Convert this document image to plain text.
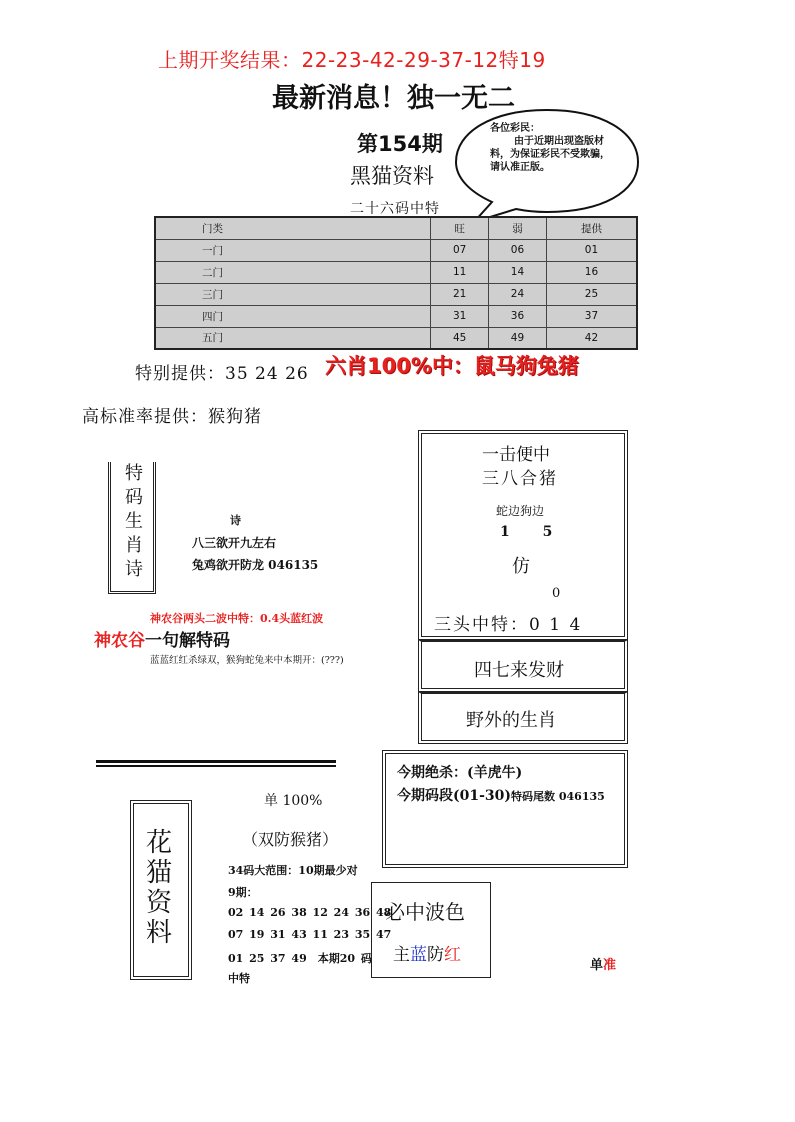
上期开奖结果：22-23-42-29-37-12特19
最新消息！独一无二
第154期
黑猫资料
二十六码中特
各位彩民：
由于近期出现盗版材料，为保证彩民不受欺骗，请认准正版。
门类	旺	弱	提供
一门	07	06	01
二门	11	14	16
三门	21	24	25
四门	31	36	37
五门	45	49	42
特别提供：35 24 26 六肖100%中：鼠马狗兔猪
高标准率提供：猴狗猪
特码生肖诗
诗
八三欲开九左右
兔鸡欲开防龙 046135
神农谷两头二波中特：0.4头蓝红波
神农谷一句解特码
蓝蓝红红杀绿双，猴狗蛇兔来中本期开：(???)
一击便中
三八合猪
蛇边狗边
1 5
仿
0
三头中特：0 1 4
四七来发财
野外的生肖
今期绝杀：(羊虎牛)
今期码段(01-30)特码尾数 046135
花猫资料
单 100%
（双防猴猪）
34码大范围：10期最少对
9期：
02 14 26 38 12 24 36 48
07 19 31 43 11 23 35 47
01 25 37 49　本期20 码
中特
必中波色
主蓝防红
单准
